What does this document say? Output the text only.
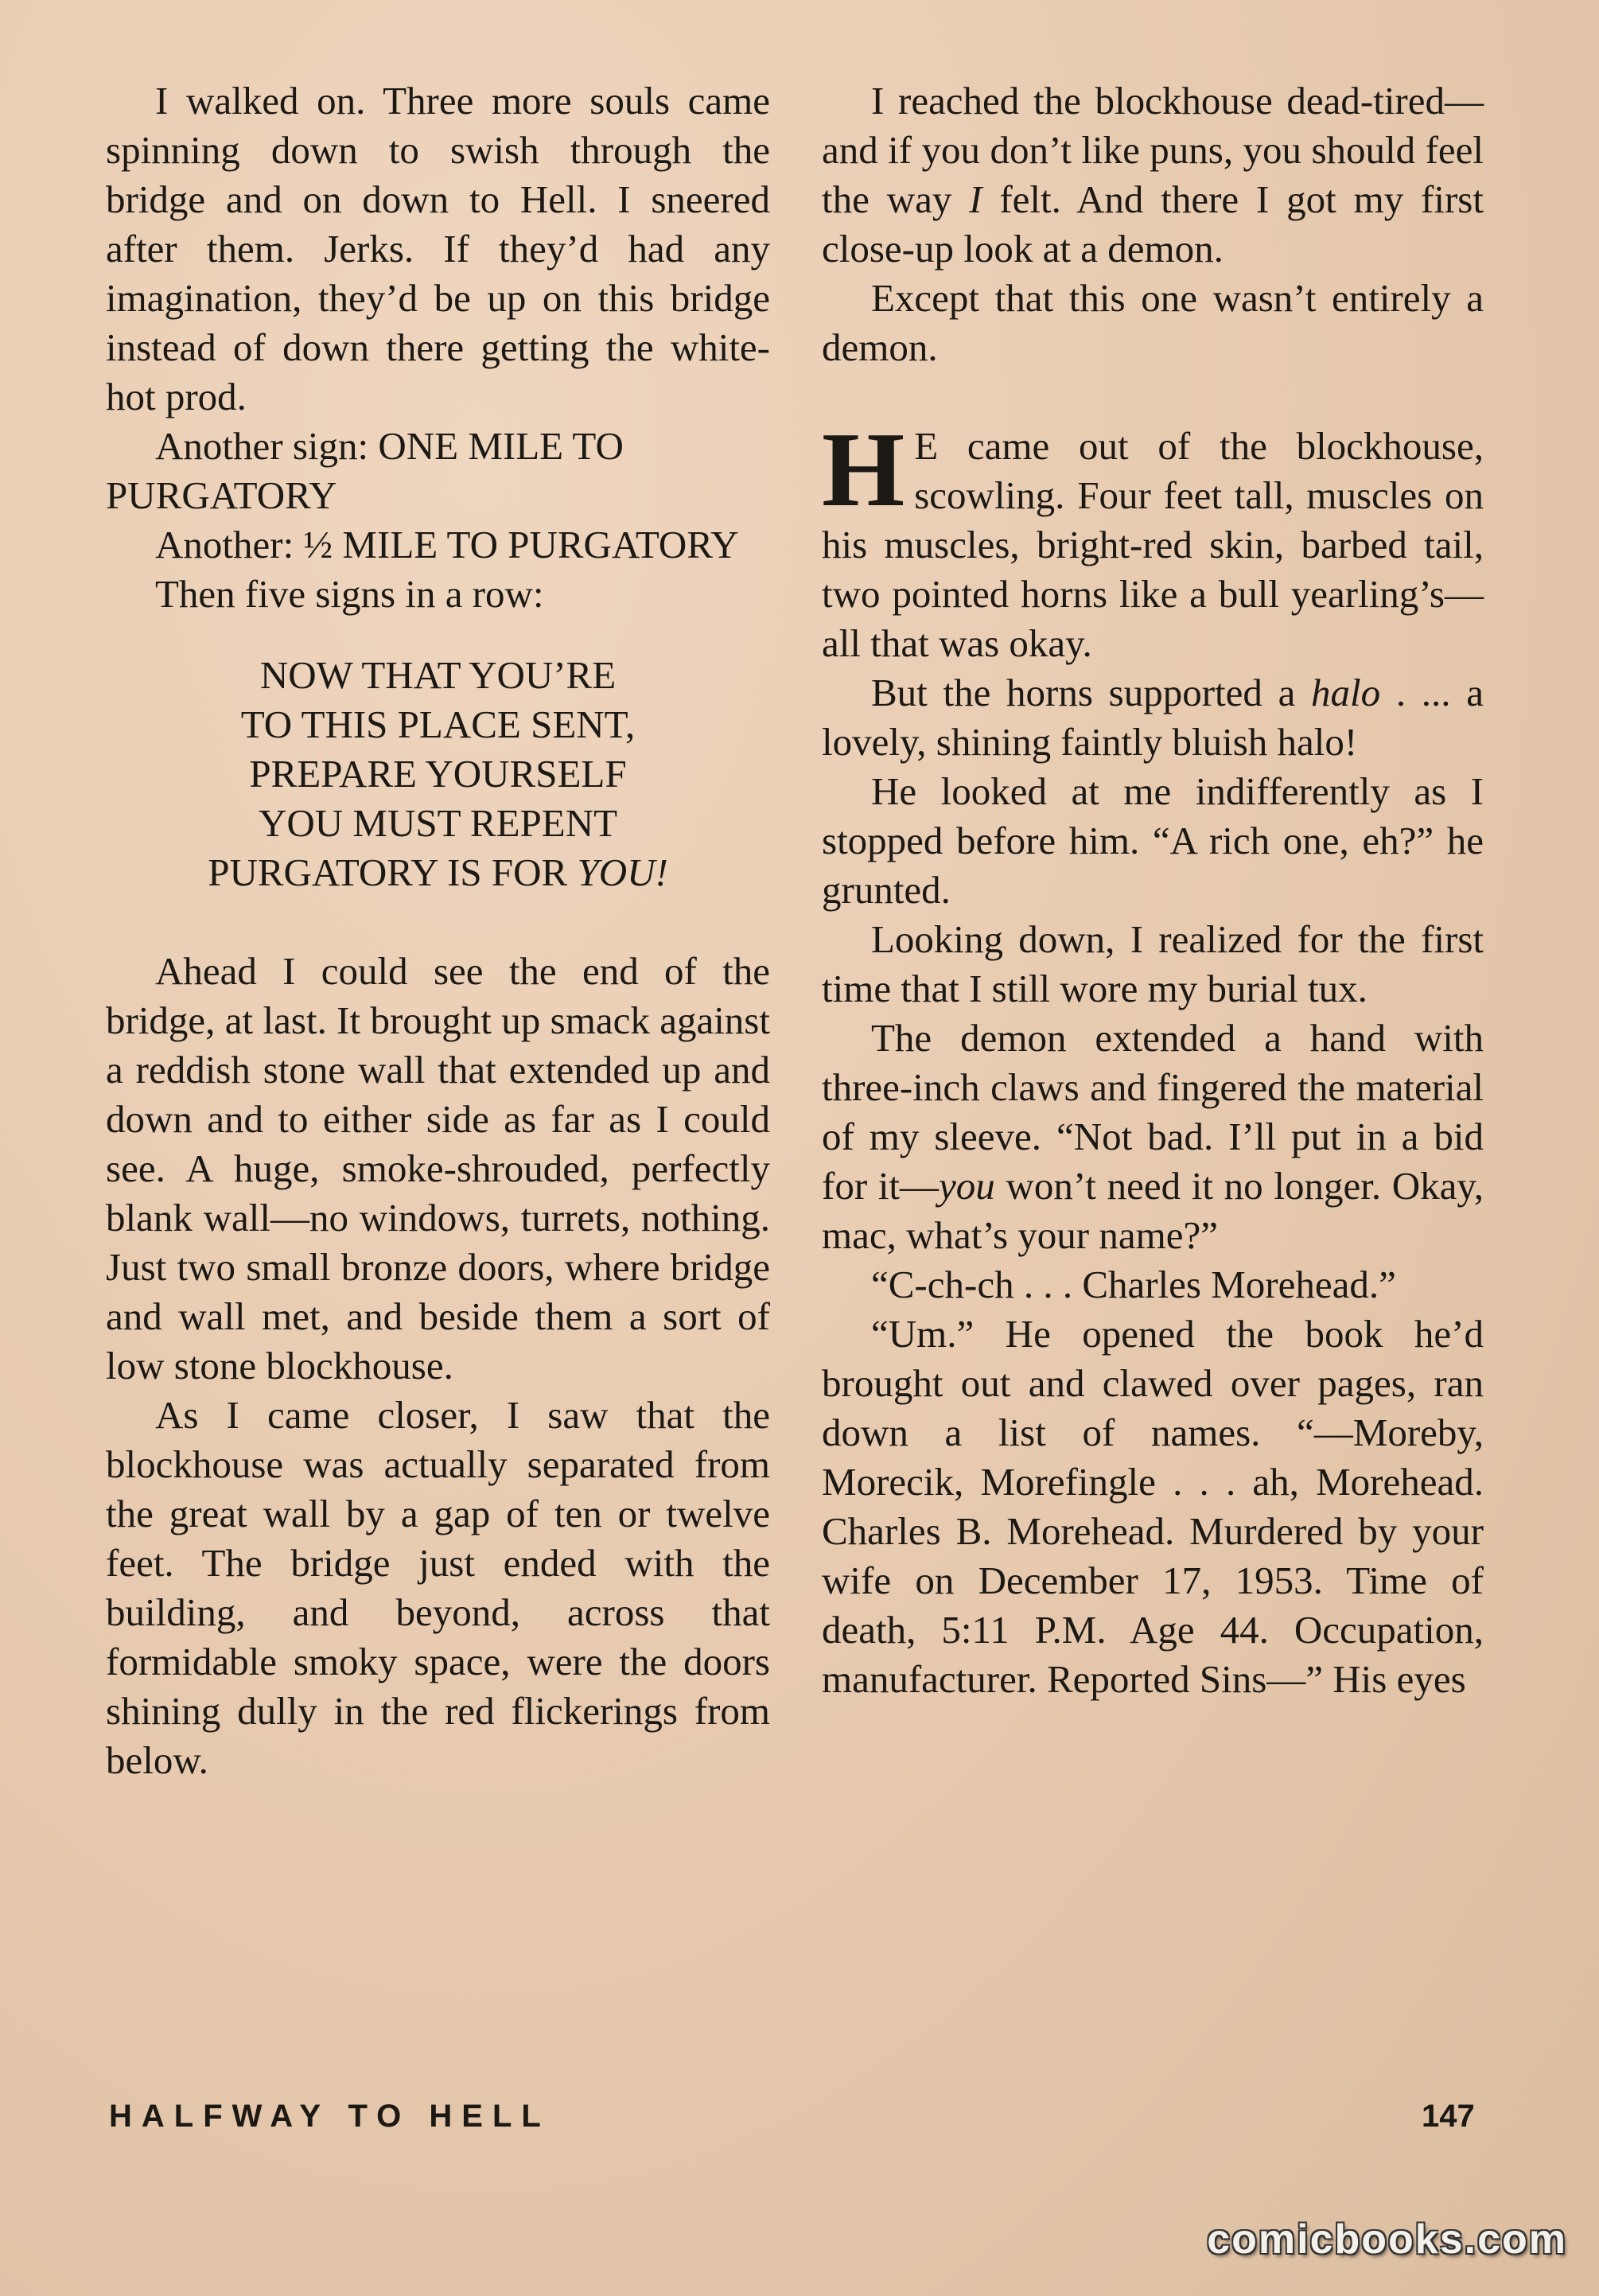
I walked on. Three more souls came spinning down to swish through the bridge and on down to Hell. I sneered after them. Jerks. If they’d had any imagination, they’d be up on this bridge instead of down there getting the white-hot prod.

Another sign: ONE MILE TO PURGATORY

Another: ½ MILE TO PURGATORY

Then five signs in a row:

NOW THAT YOU’RE
TO THIS PLACE SENT,
PREPARE YOURSELF
YOU MUST REPENT
PURGATORY IS FOR YOU!

Ahead I could see the end of the bridge, at last. It brought up smack against a reddish stone wall that extended up and down and to either side as far as I could see. A huge, smoke-shrouded, perfectly blank wall—no windows, turrets, nothing. Just two small bronze doors, where bridge and wall met, and beside them a sort of low stone blockhouse.

As I came closer, I saw that the blockhouse was actually separated from the great wall by a gap of ten or twelve feet. The bridge just ended with the building, and beyond, across that formidable smoky space, were the doors shining dully in the red flickerings from below.

I reached the blockhouse dead-tired—and if you don’t like puns, you should feel the way I felt. And there I got my first close-up look at a demon.

Except that this one wasn’t entirely a demon.

H E came out of the blockhouse, scowling. Four feet tall, muscles on his muscles, bright-red skin, barbed tail, two pointed horns like a bull yearling’s—all that was okay.

But the horns supported a halo . ... a lovely, shining faintly bluish halo!

He looked at me indifferently as I stopped before him. “A rich one, eh?” he grunted.

Looking down, I realized for the first time that I still wore my burial tux.

The demon extended a hand with three-inch claws and fingered the material of my sleeve. “Not bad. I’ll put in a bid for it—you won’t need it no longer. Okay, mac, what’s your name?”

“C-ch-ch . . . Charles Morehead.”

“Um.” He opened the book he’d brought out and clawed over pages, ran down a list of names. “—Moreby, Morecik, Morefingle . . . ah, Morehead. Charles B. Morehead. Murdered by your wife on December 17, 1953. Time of death, 5:11 P.M. Age 44. Occupation, manufacturer. Reported Sins—” His eyes

HALFWAY TO HELL	147
comicbooks.com
